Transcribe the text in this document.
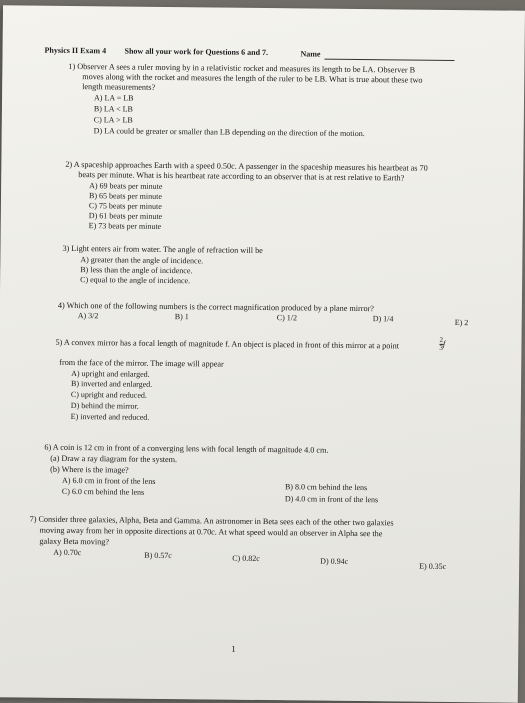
Physics II Exam 4 Show all your work for Questions 6 and 7.	Name
1) Observer A sees a ruler moving by in a relativistic rocket and measures its length to be LA. Observer B
moves along with the rocket and measures the length of the ruler to be LB. What is true about these two
length measurements?
A) LA = LB
B) LA < LB
C) LA > LB
D) LA could be greater or smaller than LB depending on the direction of the motion.
2) A spaceship approaches Earth with a speed 0.50c. A passenger in the spaceship measures his heartbeat as 70
beats per minute. What is his heartbeat rate according to an observer that is at rest relative to Earth?
A) 69 beats per minute
B) 65 beats per minute
C) 75 beats per minute
D) 61 beats per minute
E) 73 beats per minute
3) Light enters air from water. The angle of refraction will be
A) greater than the angle of incidence.
B) less than the angle of incidence.
C) equal to the angle of incidence.
4) Which one of the following numbers is the correct magnification produced by a plane mirror?
A) 3/2	B) 1	C) 1/2	D) 1/4	E) 2
5) A convex mirror has a focal length of magnitude f. An object is placed in front of this mirror at a point	$\frac{2}{3}$ f
from the face of the mirror. The image will appear
A) upright and enlarged.
B) inverted and enlarged.
C) upright and reduced.
D) behind the mirror.
E) inverted and reduced.
6) A coin is 12 cm in front of a converging lens with focal length of magnitude 4.0 cm.
(a) Draw a ray diagram for the system.
(b) Where is the image?
A) 6.0 cm in front of the lens
B) 8.0 cm behind the lens
C) 6.0 cm behind the lens
D) 4.0 cm in front of the lens
7) Consider three galaxies, Alpha, Beta and Gamma. An astronomer in Beta sees each of the other two galaxies
moving away from her in opposite directions at 0.70c. At what speed would an observer in Alpha see the
galaxy Beta moving?
A) 0.70c	B) 0.57c	C) 0.82c	D) 0.94c
E) 0.35c
1
